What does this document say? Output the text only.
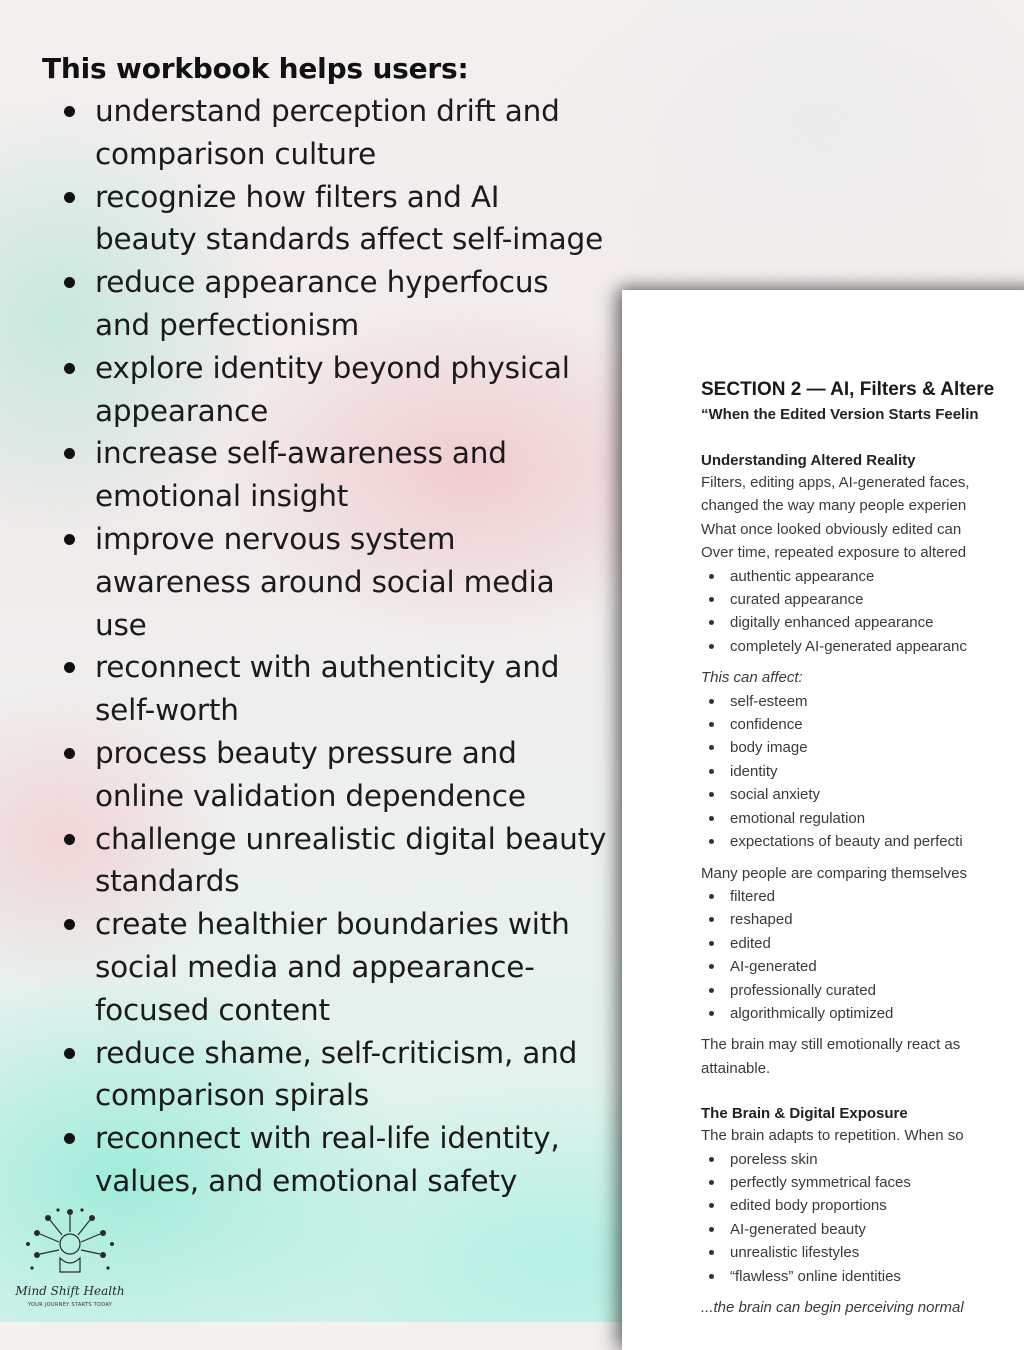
This workbook helps users:
understand perception drift and
comparison culture
recognize how filters and AI
beauty standards affect self-image
reduce appearance hyperfocus
and perfectionism
explore identity beyond physical
appearance
increase self-awareness and
emotional insight
improve nervous system
awareness around social media
use
reconnect with authenticity and
self-worth
process beauty pressure and
online validation dependence
challenge unrealistic digital beauty
standards
create healthier boundaries with
social media and appearance-
focused content
reduce shame, self-criticism, and
comparison spirals
reconnect with real-life identity,
values, and emotional safety
SECTION 2 — AI, Filters & Altere
“When the Edited Version Starts Feelin
Understanding Altered Reality

Filters, editing apps, AI-generated faces,

changed the way many people experien

What once looked obviously edited can

Over time, repeated exposure to altered

authentic appearance
curated appearance
digitally enhanced appearance
completely AI-generated appearanc

This can affect:

self-esteem
confidence
body image
identity
social anxiety
emotional regulation
expectations of beauty and perfecti

Many people are comparing themselves

filtered
reshaped
edited
AI-generated
professionally curated
algorithmically optimized

The brain may still emotionally react as

attainable.

The Brain & Digital Exposure

The brain adapts to repetition. When so

poreless skin
perfectly symmetrical faces
edited body proportions
AI-generated beauty
unrealistic lifestyles
“flawless” online identities

...the brain can begin perceiving normal

Mind Shift Health
YOUR JOURNEY STARTS TODAY
